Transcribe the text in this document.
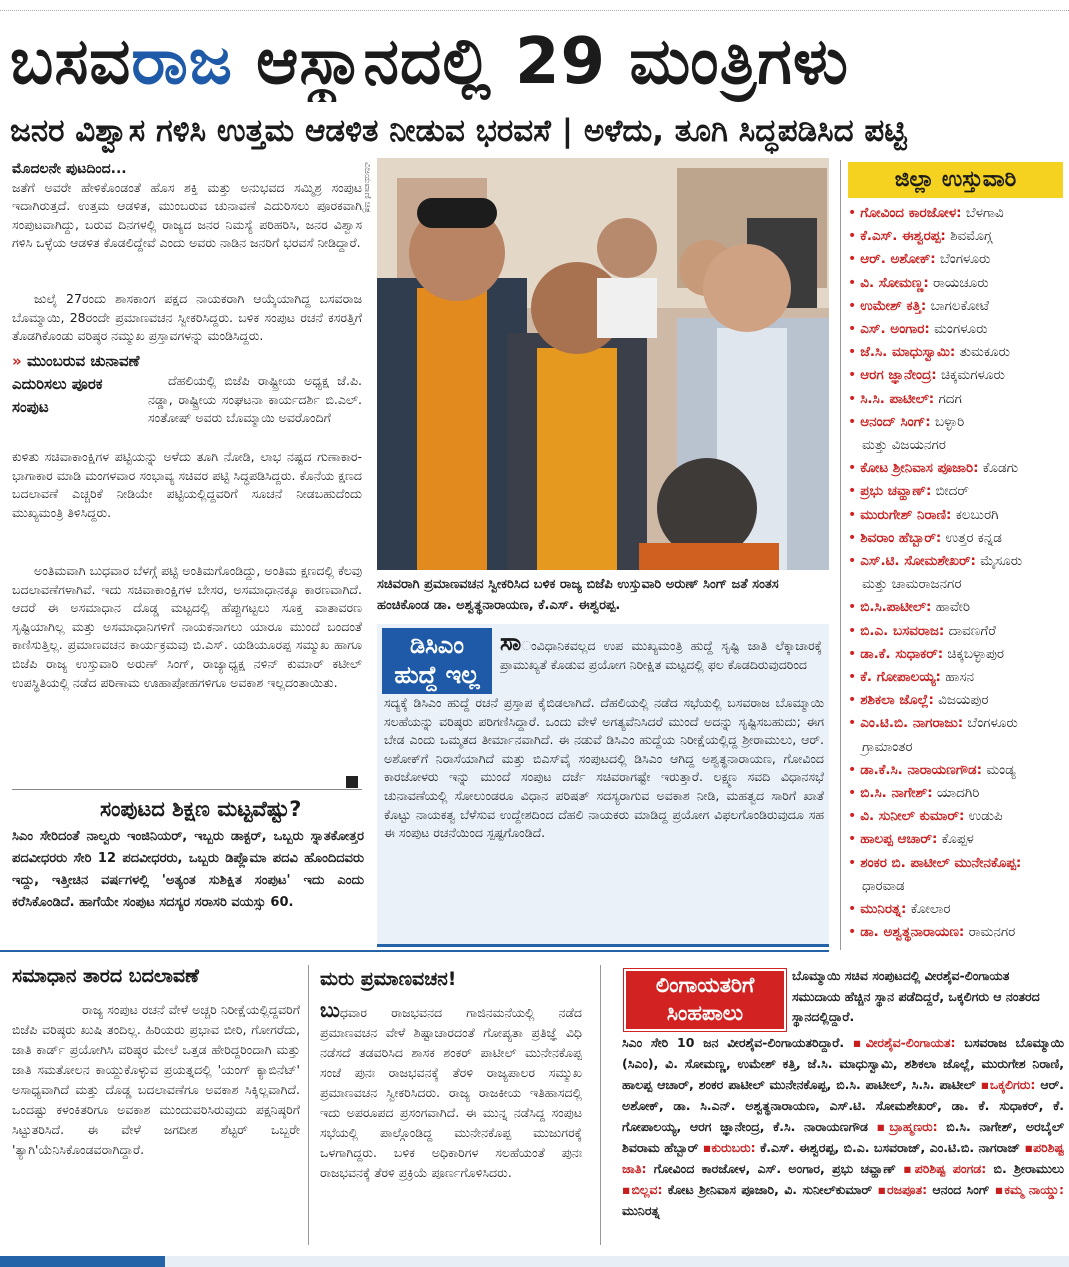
ಬಸವರಾಜ ಆಸ್ಥಾನದಲ್ಲಿ 29 ಮಂತ್ರಿಗಳು
ಜನರ ವಿಶ್ವಾಸ ಗಳಿಸಿ ಉತ್ತಮ ಆಡಳಿತ ನೀಡುವ ಭರವಸೆ | ಅಳೆದು, ತೂಗಿ ಸಿದ್ಧಪಡಿಸಿದ ಪಟ್ಟಿ
ಮೊದಲನೇ ಪುಟದಿಂದ...
ಜತೆಗೆ ಅವರೇ ಹೇಳಿಕೊಂಡಂತೆ ಹೊಸ ಶಕ್ತಿ ಮತ್ತು ಅನುಭವದ ಸಮ್ಮಿಶ್ರ ಸಂಪುಟ ಇದಾಗಿರುತ್ತದೆ. ಉತ್ತಮ ಆಡಳಿತ, ಮುಂಬರುವ ಚುನಾವಣೆ ಎದುರಿಸಲು ಪೂರಕವಾಗಿ ಸಂಪುಟವಾಗಿದ್ದು, ಬರುವ ದಿನಗಳಲ್ಲಿ ರಾಜ್ಯದ ಜನರ ನಿಮಸ್ಯೆ ಪರಿಹರಿಸಿ, ಜನರ ವಿಶ್ವಾಸ ಗಳಿಸಿ ಒಳ್ಳೆಯ ಆಡಳಿತ ಕೊಡಲಿದ್ದೇವೆ ಎಂದು ಅವರು ನಾಡಿನ ಜನರಿಗೆ ಭರವಸೆ ನೀಡಿದ್ದಾರೆ.
ಜುಲೈ 27ರಂದು ಶಾಸಕಾಂಗ ಪಕ್ಷದ ನಾಯಕರಾಗಿ ಆಯ್ಕೆಯಾಗಿದ್ದ ಬಸವರಾಜ ಬೊಮ್ಮಾಯಿ, 28ರಂದೇ ಪ್ರಮಾಣವಚನ ಸ್ವೀಕರಿಸಿದ್ದರು. ಬಳಿಕ ಸಂಪುಟ ರಚನೆ ಕಸರತ್ತಿಗೆ ತೊಡಗಿಕೊಂಡು ವರಿಷ್ಠರ ನಮ್ಮುಖ ಪ್ರಸ್ತಾವಗಳನ್ನು ಮಂಡಿಸಿದ್ದರು.
» ಮುಂಬರುವ ಚುನಾವಣೆ ಎದುರಿಸಲು ಪೂರಕ ಸಂಪುಟ
ದೆಹಲಿಯಲ್ಲಿ ಬಿಜೆಪಿ ರಾಷ್ಟ್ರೀಯ ಅಧ್ಯಕ್ಷ ಜೆ.ಪಿ. ನಡ್ಡಾ, ರಾಷ್ಟ್ರೀಯ ಸಂಘಟನಾ ಕಾರ್ಯದರ್ಶಿ ಬಿ.ಎಲ್. ಸಂತೋಷ್ ಅವರು ಬೊಮ್ಮಾಯಿ ಅವರೊಂದಿಗೆ
ಕುಳಿತು ಸಚಿವಾಕಾಂಕ್ಷಿಗಳ ಪಟ್ಟಿಯನ್ನು ಅಳೆದು ತೂಗಿ ನೋಡಿ, ಲಾಭ ನಷ್ಟದ ಗುಣಾಕಾರ- ಭಾಗಾಕಾರ ಮಾಡಿ ಮಂಗಳವಾರ ಸಂಭಾವ್ಯ ಸಚಿವರ ಪಟ್ಟಿ ಸಿದ್ಧಪಡಿಸಿದ್ದರು. ಕೊನೆಯ ಕ್ಷಣದ ಬದಲಾವಣೆ ಎಚ್ಚರಿಕೆ ನೀಡಿಯೇ ಪಟ್ಟಿಯಲ್ಲಿದ್ದವರಿಗೆ ಸೂಚನೆ ನೀಡಬಹುದೆಂದು ಮುಖ್ಯಮಂತ್ರಿ ತಿಳಿಸಿದ್ದರು.
ಅಂತಿಮವಾಗಿ ಬುಧವಾರ ಬೆಳಗ್ಗೆ ಪಟ್ಟಿ ಅಂತಿಮಗೊಂಡಿದ್ದು, ಅಂತಿಮ ಕ್ಷಣದಲ್ಲಿ ಕೆಲವು ಬದಲಾವಣೆಗಳಾಗಿವೆ. ಇದು ಸಚಿವಾಕಾಂಕ್ಷಿಗಳ ಬೇಸರ, ಅಸಮಾಧಾನಕ್ಕೂ ಕಾರಣವಾಗಿದೆ. ಆದರೆ ಈ ಅಸಮಾಧಾನ ದೊಡ್ಡ ಮಟ್ಟದಲ್ಲಿ ಹೆಪ್ಪುಗಟ್ಟಲು ಸೂಕ್ತ ವಾತಾವರಣ ಸೃಷ್ಟಿಯಾಗಿಲ್ಲ ಮತ್ತು ಅಸಮಾಧಾನಿಗಳಿಗೆ ನಾಯಕನಾಗಲು ಯಾರೂ ಮುಂದೆ ಬಂದಂತೆ ಕಾಣಿಸುತ್ತಿಲ್ಲ. ಪ್ರಮಾಣವಚನ ಕಾರ್ಯಕ್ರಮವು ಬಿ.ಎಸ್. ಯಡಿಯೂರಪ್ಪ ಸಮ್ಮುಖ ಹಾಗೂ ಬಿಜೆಪಿ ರಾಜ್ಯ ಉಸ್ತುವಾರಿ ಅರುಣ್ ಸಿಂಗ್, ರಾಜ್ಯಾಧ್ಯಕ್ಷ ನಳಿನ್ ಕುಮಾರ್ ಕಟೀಲ್ ಉಪಸ್ಥಿತಿಯಲ್ಲಿ ನಡೆದ ಪರಿಣಾಮ ಊಹಾಪೋಹಗಳಿಗೂ ಅವಕಾಶ ಇಲ್ಲದಂತಾಯಿತು.
ವಿಜಯವಾಣಿ ಚಿತ್ರ
ಸಚಿವರಾಗಿ ಪ್ರಮಾಣವಚನ ಸ್ವೀಕರಿಸಿದ ಬಳಿಕ ರಾಜ್ಯ ಬಿಜೆಪಿ ಉಸ್ತುವಾರಿ ಅರುಣ್ ಸಿಂಗ್ ಜತೆ ಸಂತಸ ಹಂಚಿಕೊಂಡ ಡಾ. ಅಶ್ವತ್ಥನಾರಾಯಣ, ಕೆ.ಎಸ್. ಈಶ್ವರಪ್ಪ.
ಡಿಸಿಎಂ
ಹುದ್ದೆ ಇಲ್ಲ
ಸಾಂವಿಧಾನಿಕವಲ್ಲದ ಉಪ ಮುಖ್ಯಮಂತ್ರಿ ಹುದ್ದೆ ಸೃಷ್ಟಿ ಜಾತಿ ಲೆಕ್ಕಾಚಾರಕ್ಕೆ ಪ್ರಾಮುಖ್ಯತೆ ಕೊಡುವ ಪ್ರಯೋಗ ನಿರೀಕ್ಷಿತ ಮಟ್ಟದಲ್ಲಿ ಫಲ ಕೊಡದಿರುವುದರಿಂದ
ಸದ್ಯಕ್ಕೆ ಡಿಸಿಎಂ ಹುದ್ದೆ ರಚನೆ ಪ್ರಸ್ತಾಪ ಕೈಬಿಡಲಾಗಿದೆ. ದೆಹಲಿಯಲ್ಲಿ ನಡೆದ ಸಭೆಯಲ್ಲಿ ಬಸವರಾಜ ಬೊಮ್ಮಾಯಿ ಸಲಹೆಯನ್ನು ವರಿಷ್ಠರು ಪರಿಗಣಿಸಿದ್ದಾರೆ. ಒಂದು ವೇಳೆ ಅಗತ್ಯವೆನಿಸಿದರೆ ಮುಂದೆ ಅದನ್ನು ಸೃಷ್ಟಿಸಬಹುದು; ಈಗ ಬೇಡ ಎಂದು ಒಮ್ಮತದ ತೀರ್ಮಾನವಾಗಿದೆ. ಈ ನಡುವೆ ಡಿಸಿಎಂ ಹುದ್ದೆಯ ನಿರೀಕ್ಷೆಯಲ್ಲಿದ್ದ ಶ್ರೀರಾಮುಲು, ಆರ್. ಅಶೋಕ್‌ಗೆ ನಿರಾಸೆಯಾಗಿದೆ ಮತ್ತು ಬಿಎಸ್‌ವೈ ಸಂಪುಟದಲ್ಲಿ ಡಿಸಿಎಂ ಆಗಿದ್ದ ಅಶ್ವತ್ಥನಾರಾಯಣ, ಗೋವಿಂದ ಕಾರಜೋಳರು ಇನ್ನು ಮುಂದೆ ಸಂಪುಟ ದರ್ಜೆ ಸಚಿವರಾಗಷ್ಟೇ ಇರುತ್ತಾರೆ. ಲಕ್ಷ್ಮಣ ಸವದಿ ವಿಧಾನಸಭೆ ಚುನಾವಣೆಯಲ್ಲಿ ಸೋಲುಂಡರೂ ವಿಧಾನ ಪರಿಷತ್ ಸದಸ್ಯರಾಗುವ ಅವಕಾಶ ನೀಡಿ, ಮಹತ್ವದ ಸಾರಿಗೆ ಖಾತೆ ಕೊಟ್ಟು ನಾಯಕತ್ವ ಬೆಳೆಸುವ ಉದ್ದೇಶದಿಂದ ದೆಹಲಿ ನಾಯಕರು ಮಾಡಿದ್ದ ಪ್ರಯೋಗ ವಿಫಲಗೊಂಡಿರುವುದೂ ಸಹ ಈ ಸಂಪುಟ ರಚನೆಯಿಂದ ಸ್ಪಷ್ಟಗೊಂಡಿದೆ.
ಜಿಲ್ಲಾ ಉಸ್ತುವಾರಿ
• ಗೋವಿಂದ ಕಾರಜೋಳ: ಬೆಳಗಾವಿ
• ಕೆ.ಎಸ್. ಈಶ್ವರಪ್ಪ: ಶಿವಮೊಗ್ಗ
• ಆರ್. ಅಶೋಕ್: ಬೆಂಗಳೂರು
• ವಿ. ಸೋಮಣ್ಣ: ರಾಯಚೂರು
• ಉಮೇಶ್ ಕತ್ತಿ: ಬಾಗಲಕೋಟೆ
• ಎಸ್. ಅಂಗಾರ: ಮಂಗಳೂರು
• ಜೆ.ಸಿ. ಮಾಧುಸ್ವಾಮಿ: ತುಮಕೂರು
• ಆರಗ ಜ್ಞಾನೇಂದ್ರ: ಚಿಕ್ಕಮಗಳೂರು
• ಸಿ.ಸಿ. ಪಾಟೀಲ್: ಗದಗ
• ಆನಂದ್ ಸಿಂಗ್: ಬಳ್ಳಾರಿ
ಮತ್ತು ವಿಜಯನಗರ
• ಕೋಟ ಶ್ರೀನಿವಾಸ ಪೂಜಾರಿ: ಕೊಡಗು
• ಪ್ರಭು ಚವ್ಹಾಣ್: ಬೀದರ್
• ಮುರುಗೇಶ್ ನಿರಾಣಿ: ಕಲಬುರಗಿ
• ಶಿವರಾಂ ಹೆಬ್ಬಾರ್: ಉತ್ತರ ಕನ್ನಡ
• ಎಸ್.ಟಿ. ಸೋಮಶೇಖರ್: ಮೈಸೂರು
ಮತ್ತು ಚಾಮರಾಜನಗರ
• ಬಿ.ಸಿ.ಪಾಟೀಲ್: ಹಾವೇರಿ
• ಬಿ.ಎ. ಬಸವರಾಜ: ದಾವಣಗೆರೆ
• ಡಾ.ಕೆ. ಸುಧಾಕರ್: ಚಿಕ್ಕಬಳ್ಳಾಪುರ
• ಕೆ. ಗೋಪಾಲಯ್ಯ: ಹಾಸನ
• ಶಶಿಕಲಾ ಜೊಲ್ಲೆ: ವಿಜಯಪುರ
• ಎಂ.ಟಿ.ಬಿ. ನಾಗರಾಜು: ಬೆಂಗಳೂರು
ಗ್ರಾಮಾಂತರ
• ಡಾ.ಕೆ.ಸಿ. ನಾರಾಯಣಗೌಡ: ಮಂಡ್ಯ
• ಬಿ.ಸಿ. ನಾಗೇಶ್: ಯಾದಗಿರಿ
• ವಿ. ಸುನೀಲ್ ಕುಮಾರ್: ಉಡುಪಿ
• ಹಾಲಪ್ಪ ಆಚಾರ್: ಕೊಪ್ಪಳ
• ಶಂಕರ ಬಿ. ಪಾಟೀಲ್ ಮುನೇನಕೊಪ್ಪ:
ಧಾರವಾಡ
• ಮುನಿರತ್ನ: ಕೋಲಾರ
• ಡಾ. ಅಶ್ವತ್ಥನಾರಾಯಣ: ರಾಮನಗರ
ಸಂಪುಟದ ಶಿಕ್ಷಣ ಮಟ್ಟವೆಷ್ಟು?
ಸಿಎಂ ಸೇರಿದಂತೆ ನಾಲ್ವರು ಇಂಜಿನಿಯರ್, ಇಬ್ಬರು ಡಾಕ್ಟರ್, ಒಬ್ಬರು ಸ್ನಾತಕೋತ್ತರ ಪದವೀಧರರು ಸೇರಿ 12 ಪದವೀಧರರು, ಒಬ್ಬರು ಡಿಪ್ಲೊಮಾ ಪದವಿ ಹೊಂದಿದವರು ಇದ್ದು, ಇತ್ತೀಚಿನ ವರ್ಷಗಳಲ್ಲಿ 'ಅತ್ಯಂತ ಸುಶಿಕ್ಷಿತ ಸಂಪುಟ' ಇದು ಎಂದು ಕರೆಸಿಕೊಂಡಿದೆ. ಹಾಗೆಯೇ ಸಂಪುಟ ಸದಸ್ಯರ ಸರಾಸರಿ ವಯಸ್ಸು 60.
ಸಮಾಧಾನ ತಾರದ ಬದಲಾವಣೆ
ರಾಜ್ಯ ಸಂಪುಟ ರಚನೆ ವೇಳೆ ಅಚ್ಚರಿ ನಿರೀಕ್ಷೆಯಲ್ಲಿದ್ದವರಿಗೆ ಬಿಜೆಪಿ ವರಿಷ್ಠರು ಖುಷಿ ತಂದಿಲ್ಲ. ಹಿರಿಯರು ಪ್ರಭಾವ ಬೀರಿ, ಗೋಗರೆದು, ಜಾತಿ ಕಾರ್ಡ್ ಪ್ರಯೋಗಿಸಿ ವರಿಷ್ಠರ ಮೇಲೆ ಒತ್ತಡ ಹೇರಿದ್ದರಿಂದಾಗಿ ಮತ್ತು ಜಾತಿ ಸಮತೋಲನ ಕಾಯ್ದುಕೊಳ್ಳುವ ಪ್ರಯತ್ನದಲ್ಲಿ 'ಯಂಗ್ ಕ್ಯಾಬಿನೆಟ್' ಅಸಾಧ್ಯವಾಗಿದೆ ಮತ್ತು ದೊಡ್ಡ ಬದಲಾವಣೆಗೂ ಅವಕಾಶ ಸಿಕ್ಕಿಲ್ಲವಾಗಿದೆ. ಒಂದಷ್ಟು ಕಳಂಕಿತರಿಗೂ ಅವಕಾಶ ಮುಂದುವರಿಸಿರುವುದು ಪಕ್ಷನಿಷ್ಠರಿಗೆ ಸಿಟ್ಟುತರಿಸಿದೆ. ಈ ವೇಳೆ ಜಗದೀಶ ಶೆಟ್ಟರ್ ಒಬ್ಬರೇ 'ತ್ಯಾಗಿ'ಯೆನಿಸಿಕೊಂಡವರಾಗಿದ್ದಾರೆ.
ಮರು ಪ್ರಮಾಣವಚನ!
ಬುಧವಾರ ರಾಜಭವನದ ಗಾಜಿನಮನೆಯಲ್ಲಿ ನಡೆದ ಪ್ರಮಾಣವಚನ ವೇಳೆ ಶಿಷ್ಟಾಚಾರದಂತೆ ಗೋಪ್ಯತಾ ಪ್ರತಿಜ್ಞೆ ವಿಧಿ ನಡೆಸದೆ ತಡವರಿಸಿದ ಶಾಸಕ ಶಂಕರ್ ಪಾಟೀಲ್ ಮುನೇನಕೊಪ್ಪ ಸಂಜೆ ಪುನಃ ರಾಜಭವನಕ್ಕೆ ತೆರಳಿ ರಾಜ್ಯಪಾಲರ ಸಮ್ಮುಖ ಪ್ರಮಾಣವಚನ ಸ್ವೀಕರಿಸಿದರು. ರಾಜ್ಯ ರಾಜಕೀಯ ಇತಿಹಾಸದಲ್ಲಿ ಇದು ಅಪರೂಪದ ಪ್ರಸಂಗವಾಗಿದೆ. ಈ ಮುನ್ನ ನಡೆಸಿದ್ದ ಸಂಪುಟ ಸಭೆಯಲ್ಲಿ ಪಾಲ್ಗೊಂಡಿದ್ದ ಮುನೇನಕೊಪ್ಪ ಮುಜುಗರಕ್ಕೆ ಒಳಗಾಗಿದ್ದರು. ಬಳಿಕ ಅಧಿಕಾರಿಗಳ ಸಲಹೆಯಂತೆ ಪುನಃ ರಾಜಭವನಕ್ಕೆ ತೆರಳಿ ಪ್ರಕ್ರಿಯೆ ಪೂರ್ಣಗೊಳಿಸಿದರು.
ಲಿಂಗಾಯತರಿಗೆ
ಸಿಂಹಪಾಲು
ಬೊಮ್ಮಾಯಿ ಸಚಿವ ಸಂಪುಟದಲ್ಲಿ ವೀರಶೈವ-ಲಿಂಗಾಯತ ಸಮುದಾಯ ಹೆಚ್ಚಿನ ಸ್ಥಾನ ಪಡೆದಿದ್ದರೆ, ಒಕ್ಕಲಿಗರು ಆ ನಂತರದ ಸ್ಥಾನದಲ್ಲಿದ್ದಾರೆ.
ಸಿಎಂ ಸೇರಿ 10 ಜನ ವೀರಶೈವ-ಲಿಂಗಾಯತರಿದ್ದಾರೆ. ▪ವೀರಶೈವ-ಲಿಂಗಾಯತ: ಬಸವರಾಜ ಬೊಮ್ಮಾಯಿ (ಸಿಎಂ), ವಿ. ಸೋಮಣ್ಣ, ಉಮೇಶ್ ಕತ್ತಿ, ಜೆ.ಸಿ. ಮಾಧುಸ್ವಾಮಿ, ಶಶಿಕಲಾ ಜೊಲ್ಲೆ, ಮುರುಗೇಶ ನಿರಾಣಿ, ಹಾಲಪ್ಪ ಆಚಾರ್, ಶಂಕರ ಪಾಟೀಲ್ ಮುನೇನಕೊಪ್ಪ, ಬಿ.ಸಿ. ಪಾಟೀಲ್, ಸಿ.ಸಿ. ಪಾಟೀಲ್ ▪ಒಕ್ಕಲಿಗರು: ಆರ್. ಅಶೋಕ್, ಡಾ. ಸಿ.ಎನ್. ಅಶ್ವತ್ಥನಾರಾಯಣ, ಎಸ್.ಟಿ. ಸೋಮಶೇಖರ್, ಡಾ. ಕೆ. ಸುಧಾಕರ್, ಕೆ. ಗೋಪಾಲಯ್ಯ, ಆರಗ ಜ್ಞಾನೇಂದ್ರ, ಕೆ.ಸಿ. ನಾರಾಯಣಗೌಡ ▪ಬ್ರಾಹ್ಮಣರು: ಬಿ.ಸಿ. ನಾಗೇಶ್, ಅರಬೈಲ್ ಶಿವರಾಮ ಹೆಬ್ಬಾರ್ ▪ಕುರುಬರು: ಕೆ.ಎಸ್. ಈಶ್ವರಪ್ಪ, ಬಿ.ಎ. ಬಸವರಾಜ್, ಎಂ.ಟಿ.ಬಿ. ನಾಗರಾಜ್ ▪ಪರಿಶಿಷ್ಟ ಜಾತಿ: ಗೋವಿಂದ ಕಾರಜೋಳ, ಎಸ್. ಅಂಗಾರ, ಪ್ರಭು ಚವ್ಹಾಣ್ ▪ಪರಿಶಿಷ್ಟ ಪಂಗಡ: ಬಿ. ಶ್ರೀರಾಮುಲು ▪ಬಿಲ್ಲವ: ಕೋಟ ಶ್ರೀನಿವಾಸ ಪೂಜಾರಿ, ವಿ. ಸುನೀಲ್‌ಕುಮಾರ್ ▪ರಜಪೂತ: ಆನಂದ ಸಿಂಗ್ ▪ಕಮ್ಮ ನಾಯ್ಡು: ಮುನಿರತ್ನ
